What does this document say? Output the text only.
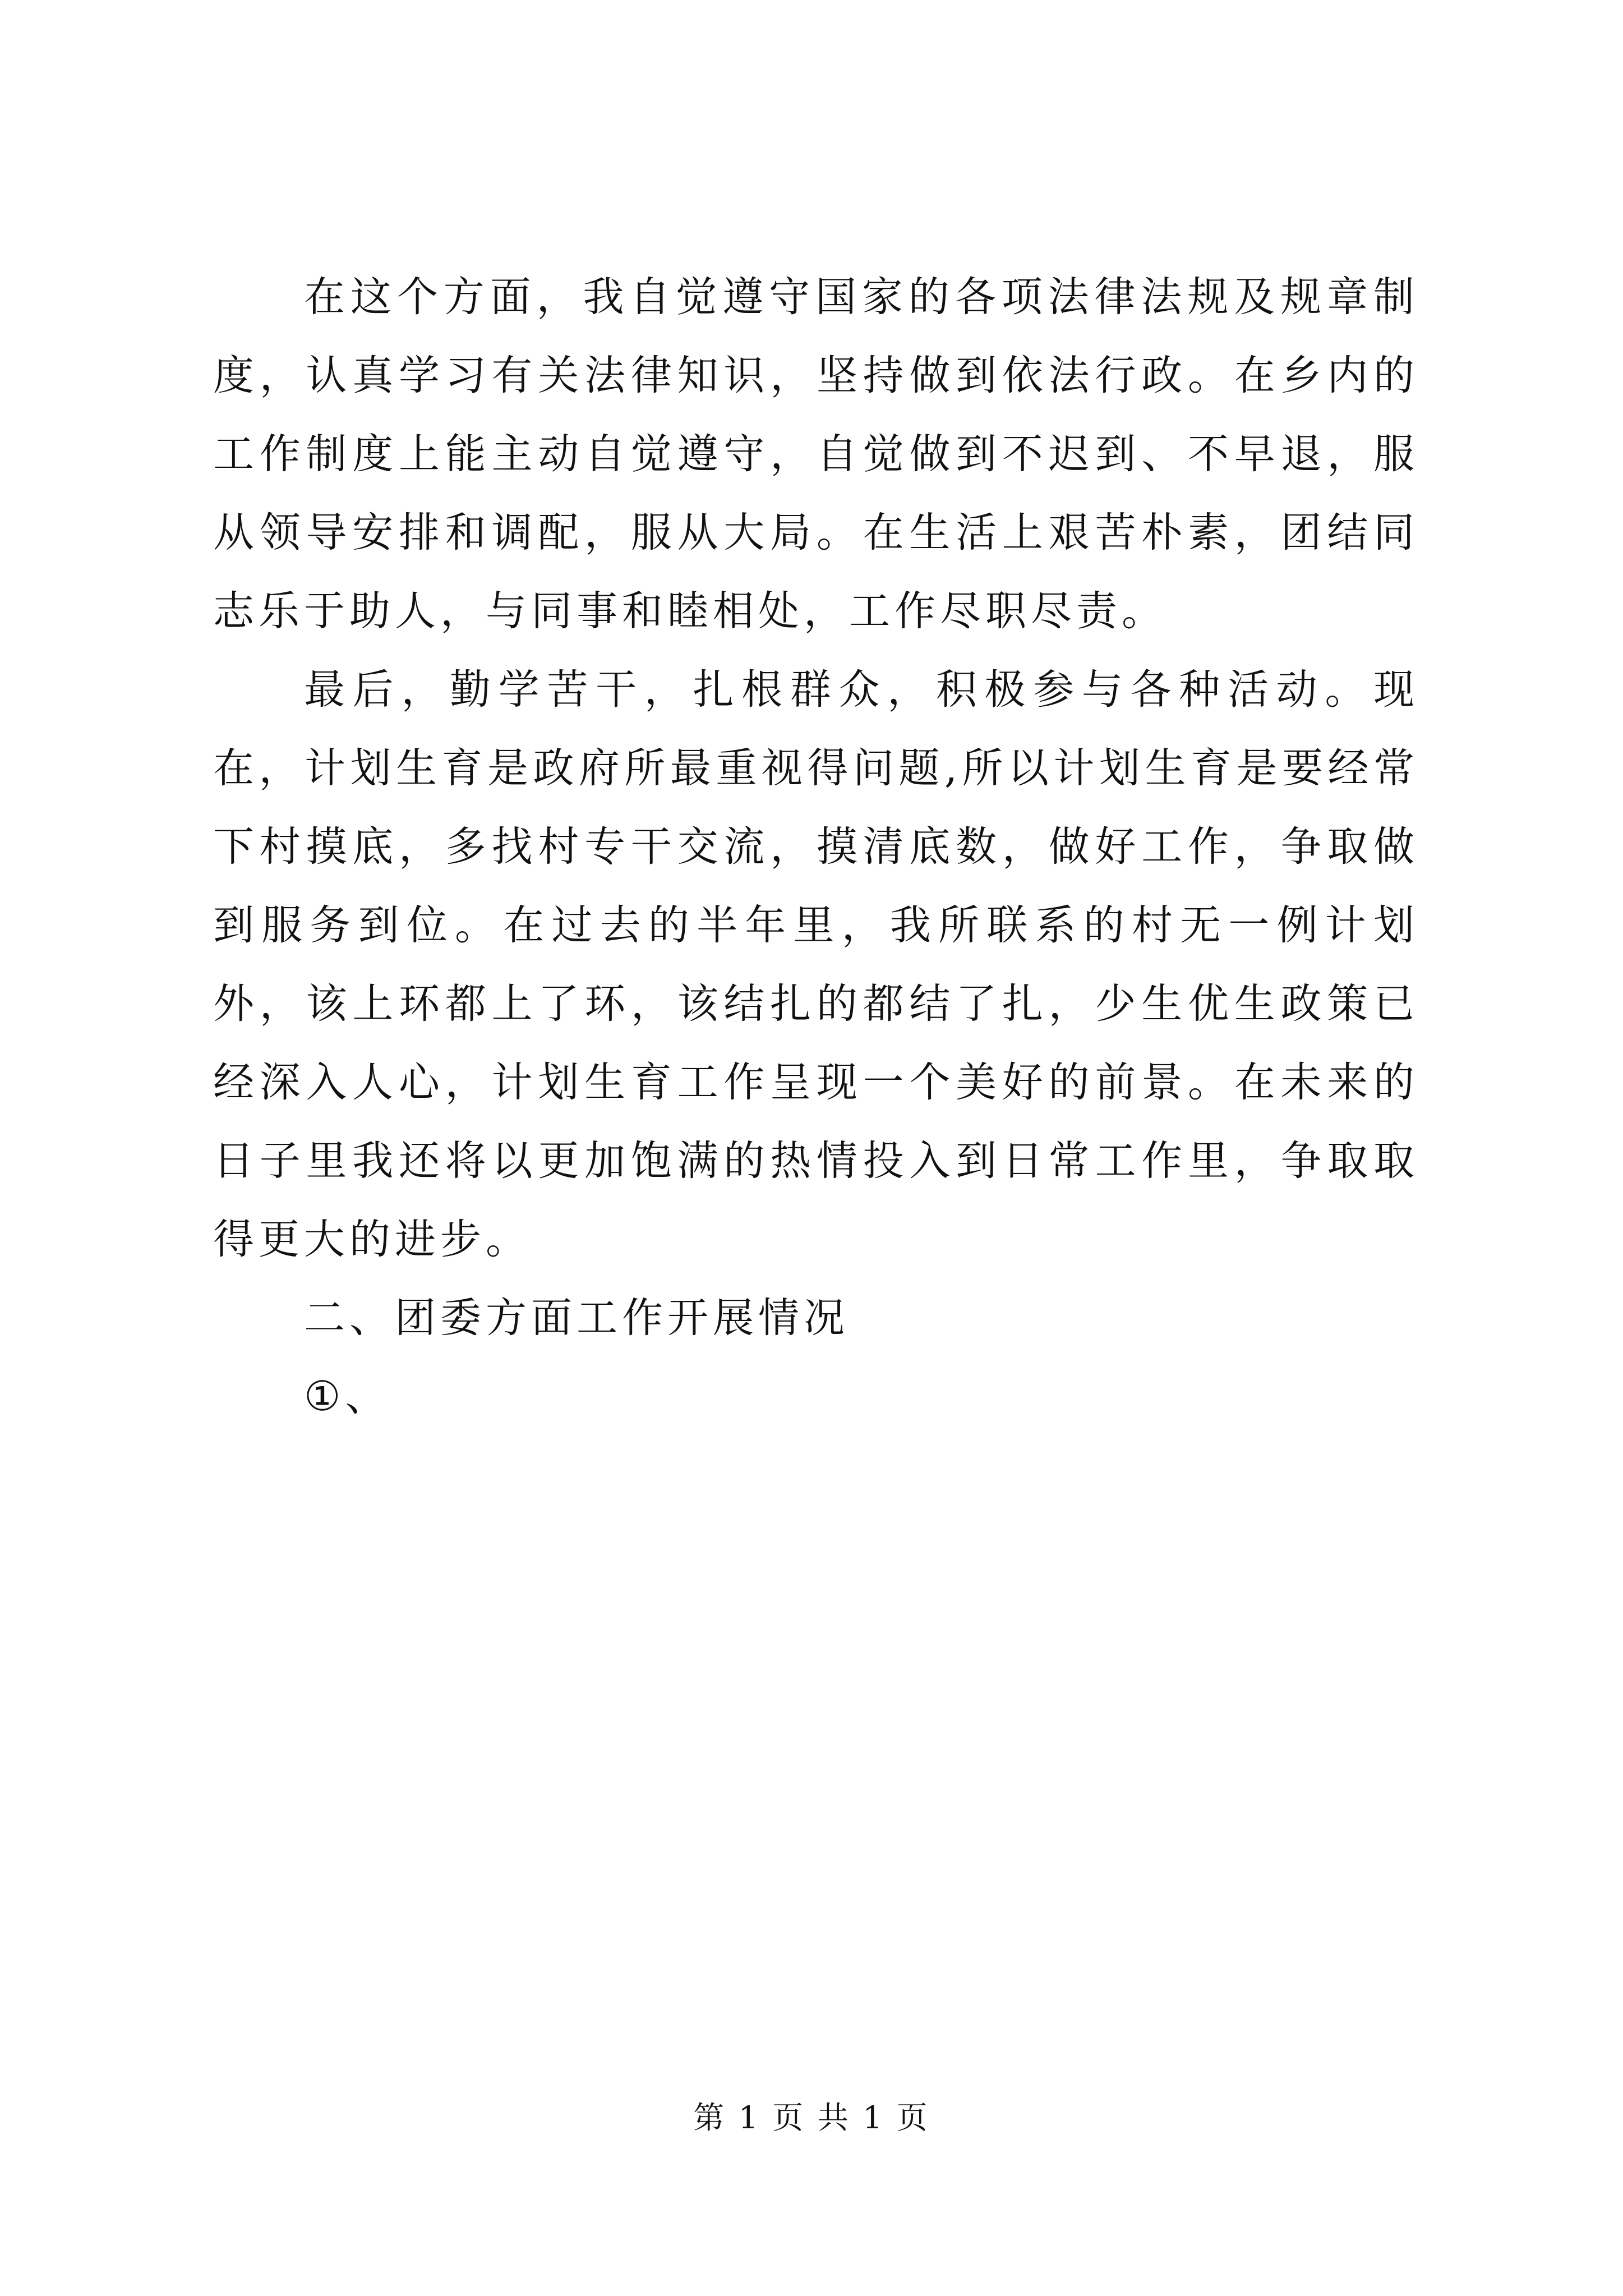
在这个方面，我自觉遵守国家的各项法律法规及规章制度，认真学习有关法律知识，坚持做到依法行政。在乡内的工作制度上能主动自觉遵守，自觉做到不迟到、不早退，服从领导安排和调配，服从大局。在生活上艰苦朴素，团结同志乐于助人，与同事和睦相处，工作尽职尽责。

最后，勤学苦干，扎根群众，积极参与各种活动。现在，计划生育是政府所最重视得问题,所以计划生育是要经常下村摸底，多找村专干交流，摸清底数，做好工作，争取做到服务到位。在过去的半年里，我所联系的村无一例计划外，该上环都上了环，该结扎的都结了扎，少生优生政策已经深入人心，计划生育工作呈现一个美好的前景。在未来的日子里我还将以更加饱满的热情投入到日常工作里，争取取得更大的进步。

二、团委方面工作开展情况

①、

第 1 页 共 1 页
